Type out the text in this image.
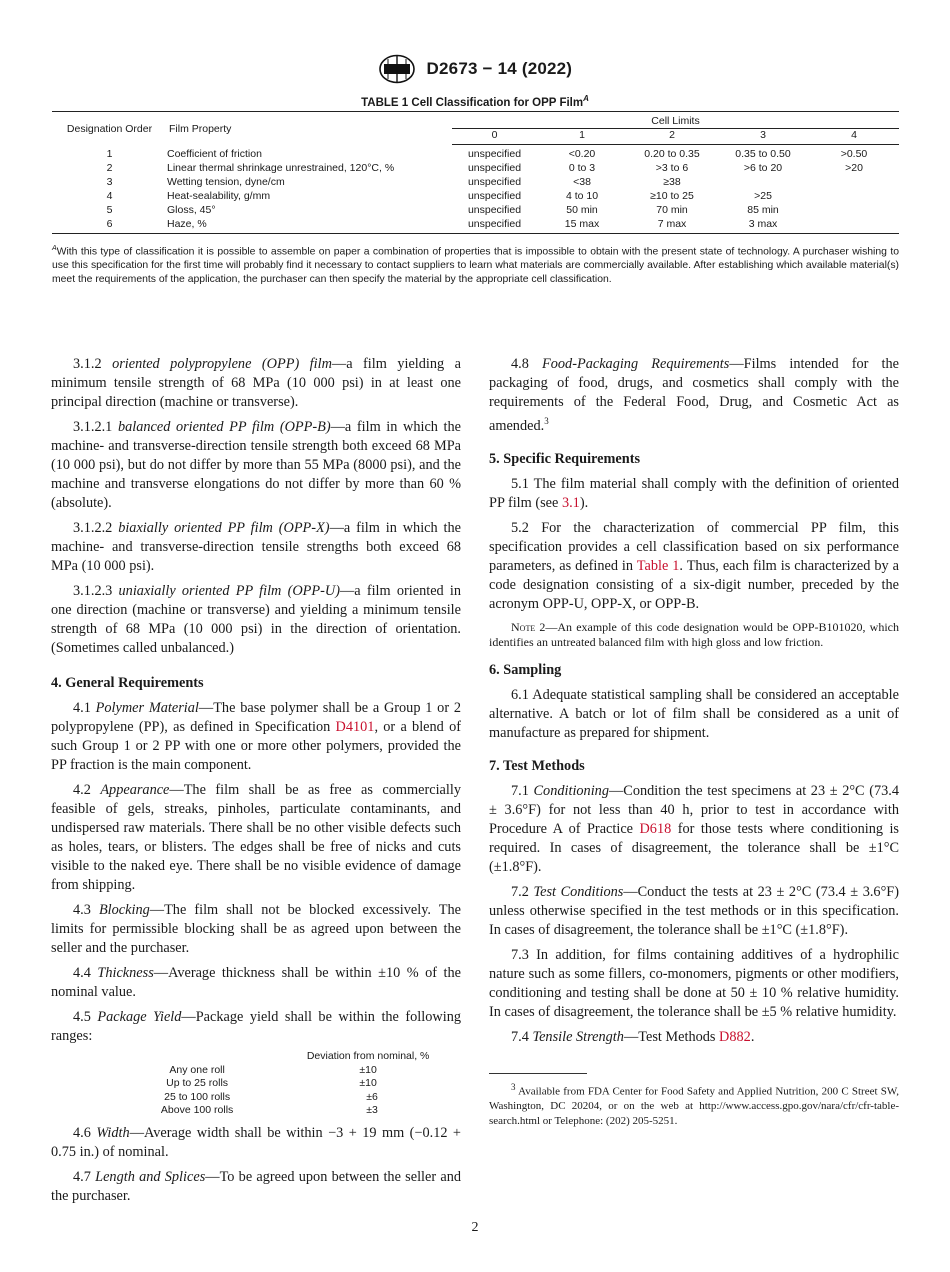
D2673 − 14 (2022)
TABLE 1 Cell Classification for OPP Film$^A$
Designation Order	Film Property	Cell Limits				
		0	1	2	3	4
1	Coefficient of friction	unspecified	<0.20	0.20 to 0.35	0.35 to 0.50	>0.50
2	Linear thermal shrinkage unrestrained, 120°C, %	unspecified	0 to 3	>3 to 6	>6 to 20	>20
3	Wetting tension, dyne/cm	unspecified	<38	≥38		
4	Heat-sealability, g/mm	unspecified	4 to 10	≥10 to 25	>25	
5	Gloss, 45°	unspecified	50 min	70 min	85 min	
6	Haze, %	unspecified	15 max	7 max	3 max	
$^A$With this type of classification it is possible to assemble on paper a combination of properties that is impossible to obtain with the present state of technology. A purchaser wishing to use this specification for the first time will probably find it necessary to contact suppliers to learn what materials are commercially available. After establishing which available material(s) meet the requirements of the application, the purchaser can then specify the material by the appropriate cell classification.

3.1.2 oriented polypropylene (OPP) film—a film yielding a minimum tensile strength of 68 MPa (10 000 psi) in at least one principal direction (machine or transverse).

3.1.2.1 balanced oriented PP film (OPP-B)—a film in which the machine- and transverse-direction tensile strength both exceed 68 MPa (10 000 psi), but do not differ by more than 55 MPa (8000 psi), and the machine and transverse elongations do not differ by more than 60 % (absolute).

3.1.2.2 biaxially oriented PP film (OPP-X)—a film in which the machine- and transverse-direction tensile strengths both exceed 68 MPa (10 000 psi).

3.1.2.3 uniaxially oriented PP film (OPP-U)—a film oriented in one direction (machine or transverse) and yielding a minimum tensile strength of 68 MPa (10 000 psi) in the direction of orientation. (Sometimes called unbalanced.)

4. General Requirements

4.1 Polymer Material—The base polymer shall be a Group 1 or 2 polypropylene (PP), as defined in Specification D4101, or a blend of such Group 1 or 2 PP with one or more other polymers, provided the PP fraction is the main component.

4.2 Appearance—The film shall be as free as commercially feasible of gels, streaks, pinholes, particulate contaminants, and undispersed raw materials. There shall be no other visible defects such as holes, tears, or blisters. The edges shall be free of nicks and cuts visible to the naked eye. There shall be no visible evidence of damage from shipping.

4.3 Blocking—The film shall not be blocked excessively. The limits for permissible blocking shall be as agreed upon between the seller and the purchaser.

4.4 Thickness—Average thickness shall be within ±10 % of the nominal value.

4.5 Package Yield—Package yield shall be within the following ranges:

	Deviation from nominal, %
Any one roll	±10
Up to 25 rolls	±10
25 to 100 rolls	±6
Above 100 rolls	±3

4.6 Width—Average width shall be within −3 + 19 mm (−0.12 + 0.75 in.) of nominal.

4.7 Length and Splices—To be agreed upon between the seller and the purchaser.

4.8 Food-Packaging Requirements—Films intended for the packaging of food, drugs, and cosmetics shall comply with the requirements of the Federal Food, Drug, and Cosmetic Act as amended.$^3$

5. Specific Requirements

5.1 The film material shall comply with the definition of oriented PP film (see 3.1).

5.2 For the characterization of commercial PP film, this specification provides a cell classification based on six performance parameters, as defined in Table 1. Thus, each film is characterized by a code designation consisting of a six-digit number, preceded by the acronym OPP-U, OPP-X, or OPP-B.

Note 2—An example of this code designation would be OPP-B101020, which identifies an untreated balanced film with high gloss and low friction.

6. Sampling

6.1 Adequate statistical sampling shall be considered an acceptable alternative. A batch or lot of film shall be considered as a unit of manufacture as prepared for shipment.

7. Test Methods

7.1 Conditioning—Condition the test specimens at 23 ± 2°C (73.4 ± 3.6°F) for not less than 40 h, prior to test in accordance with Procedure A of Practice D618 for those tests where conditioning is required. In cases of disagreement, the tolerance shall be ±1°C (±1.8°F).

7.2 Test Conditions—Conduct the tests at 23 ± 2°C (73.4 ± 3.6°F) unless otherwise specified in the test methods or in this specification. In cases of disagreement, the tolerance shall be ±1°C (±1.8°F).

7.3 In addition, for films containing additives of a hydrophilic nature such as some fillers, co-monomers, pigments or other modifiers, conditioning and testing shall be done at 50 ± 10 % relative humidity. In cases of disagreement, the tolerance shall be ±5 % relative humidity.

7.4 Tensile Strength—Test Methods D882.

$^3$ Available from FDA Center for Food Safety and Applied Nutrition, 200 C Street SW, Washington, DC 20204, or on the web at http://www.access.gpo.gov/nara/cfr/cfr-table-search.html or Telephone: (202) 205-5251.

2
